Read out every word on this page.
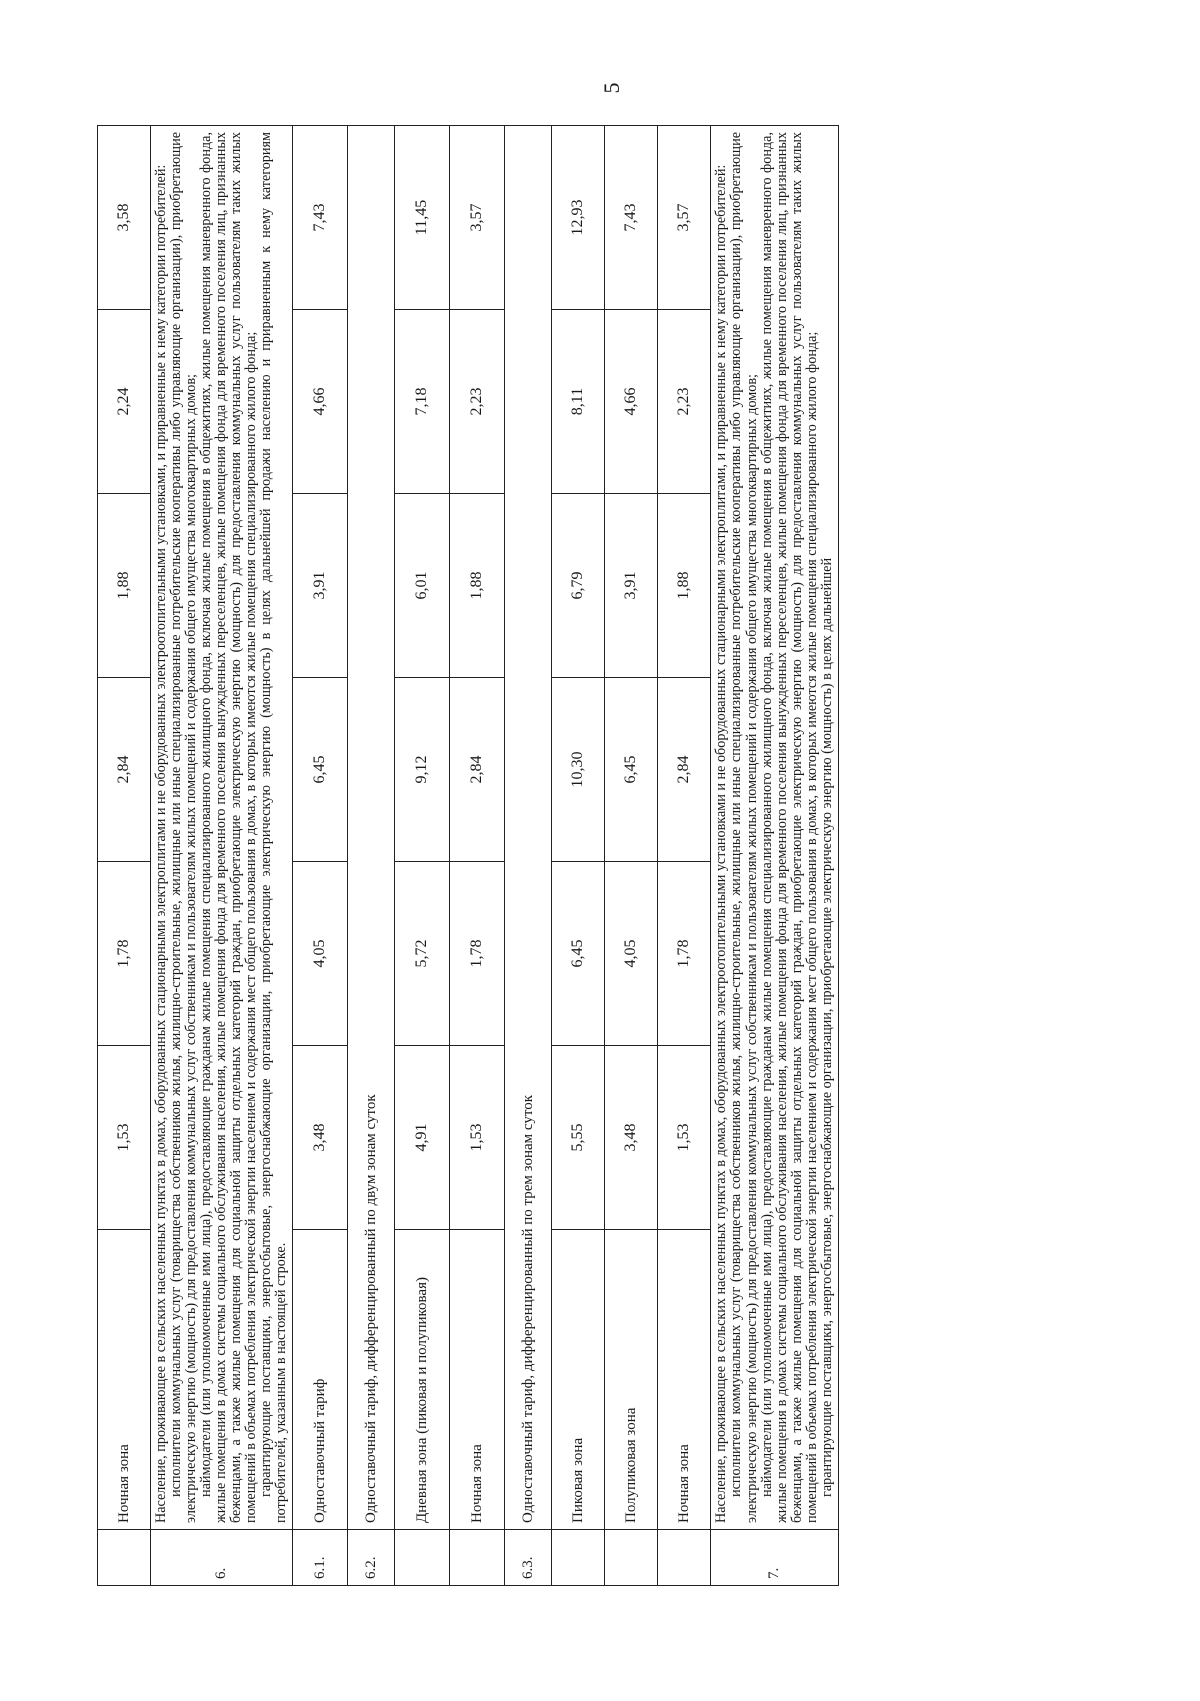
5
	Ночная зона	1,53	1,78	2,84	1,88	2,24	3,58
6.	Население, проживающее в сельских населенных пунктах в домах, оборудованных стационарными электроплитами и не оборудованных электроотопительными установками, и приравненные к нему категории потребителей: исполнители коммунальных услуг (товарищества собственников жилья, жилищно-строительные, жилищные или иные специализированные потребительские кооперативы либо управляющие организации), приобретающие электрическую энергию (мощность) для предоставления коммунальных услуг собственникам и пользователям жилых помещений и содержания общего имущества многоквартирных домов; наймодатели (или уполномоченные ими лица), предоставляющие гражданам жилые помещения специализированного жилищного фонда, включая жилые помещения в общежитиях, жилые помещения маневренного фонда, жилые помещения в домах системы социального обслуживания населения, жилые помещения фонда для временного поселения вынужденных переселенцев, жилые помещения фонда для временного поселения лиц, признанных беженцами, а также жилые помещения для социальной защиты отдельных категорий граждан, приобретающие электрическую энергию (мощность) для предоставления коммунальных услуг пользователям таких жилых помещений в объемах потребления электрической энергии населением и содержания мест общего пользования в домах, в которых имеются жилые помещения специализированного жилого фонда; гарантирующие поставщики, энергосбытовые, энергоснабжающие организации, приобретающие электрическую энергию (мощность) в целях дальнейшей продажи населению и приравненным к нему категориям потребителей, указанным в настоящей строке.						

6.1.	Одноставочный тариф	3,48	4,05	6,45	3,91	4,66	7,43
6.2.	Одноставочный тариф, дифференцированный по двум зонам суток						
	Дневная зона (пиковая и полупиковая)	4,91	5,72	9,12	6,01	7,18	11,45
	Ночная зона	1,53	1,78	2,84	1,88	2,23	3,57
6.3.	Одноставочный тариф, дифференцированный по трем зонам суток						
	Пиковая зона	5,55	6,45	10,30	6,79	8,11	12,93
	Полупиковая зона	3,48	4,05	6,45	3,91	4,66	7,43
	Ночная зона	1,53	1,78	2,84	1,88	2,23	3,57
7.	Население, проживающее в сельских населенных пунктах в домах, оборудованных электроотопительными установками и не оборудованных стационарными электроплитами, и приравненные к нему категории потребителей: исполнители коммунальных услуг (товарищества собственников жилья, жилищно-строительные, жилищные или иные специализированные потребительские кооперативы либо управляющие организации), приобретающие электрическую энергию (мощность) для предоставления коммунальных услуг собственникам и пользователям жилых помещений и содержания общего имущества многоквартирных домов; наймодатели (или уполномоченные ими лица), предоставляющие гражданам жилые помещения специализированного жилищного фонда, включая жилые помещения в общежитиях, жилые помещения маневренного фонда, жилые помещения в домах системы социального обслуживания населения, жилые помещения фонда для временного поселения вынужденных переселенцев, жилые помещения фонда для временного поселения лиц, признанных беженцами, а также жилые помещения для социальной защиты отдельных категорий граждан, приобретающие электрическую энергию (мощность) для предоставления коммунальных услуг пользователям таких жилых помещений в объемах потребления электрической энергии населением и содержания мест общего пользования в домах, в которых имеются жилые помещения специализированного жилого фонда; гарантирующие поставщики, энергосбытовые, энергоснабжающие организации, приобретающие электрическую энергию (мощность) в целях дальнейшей						
